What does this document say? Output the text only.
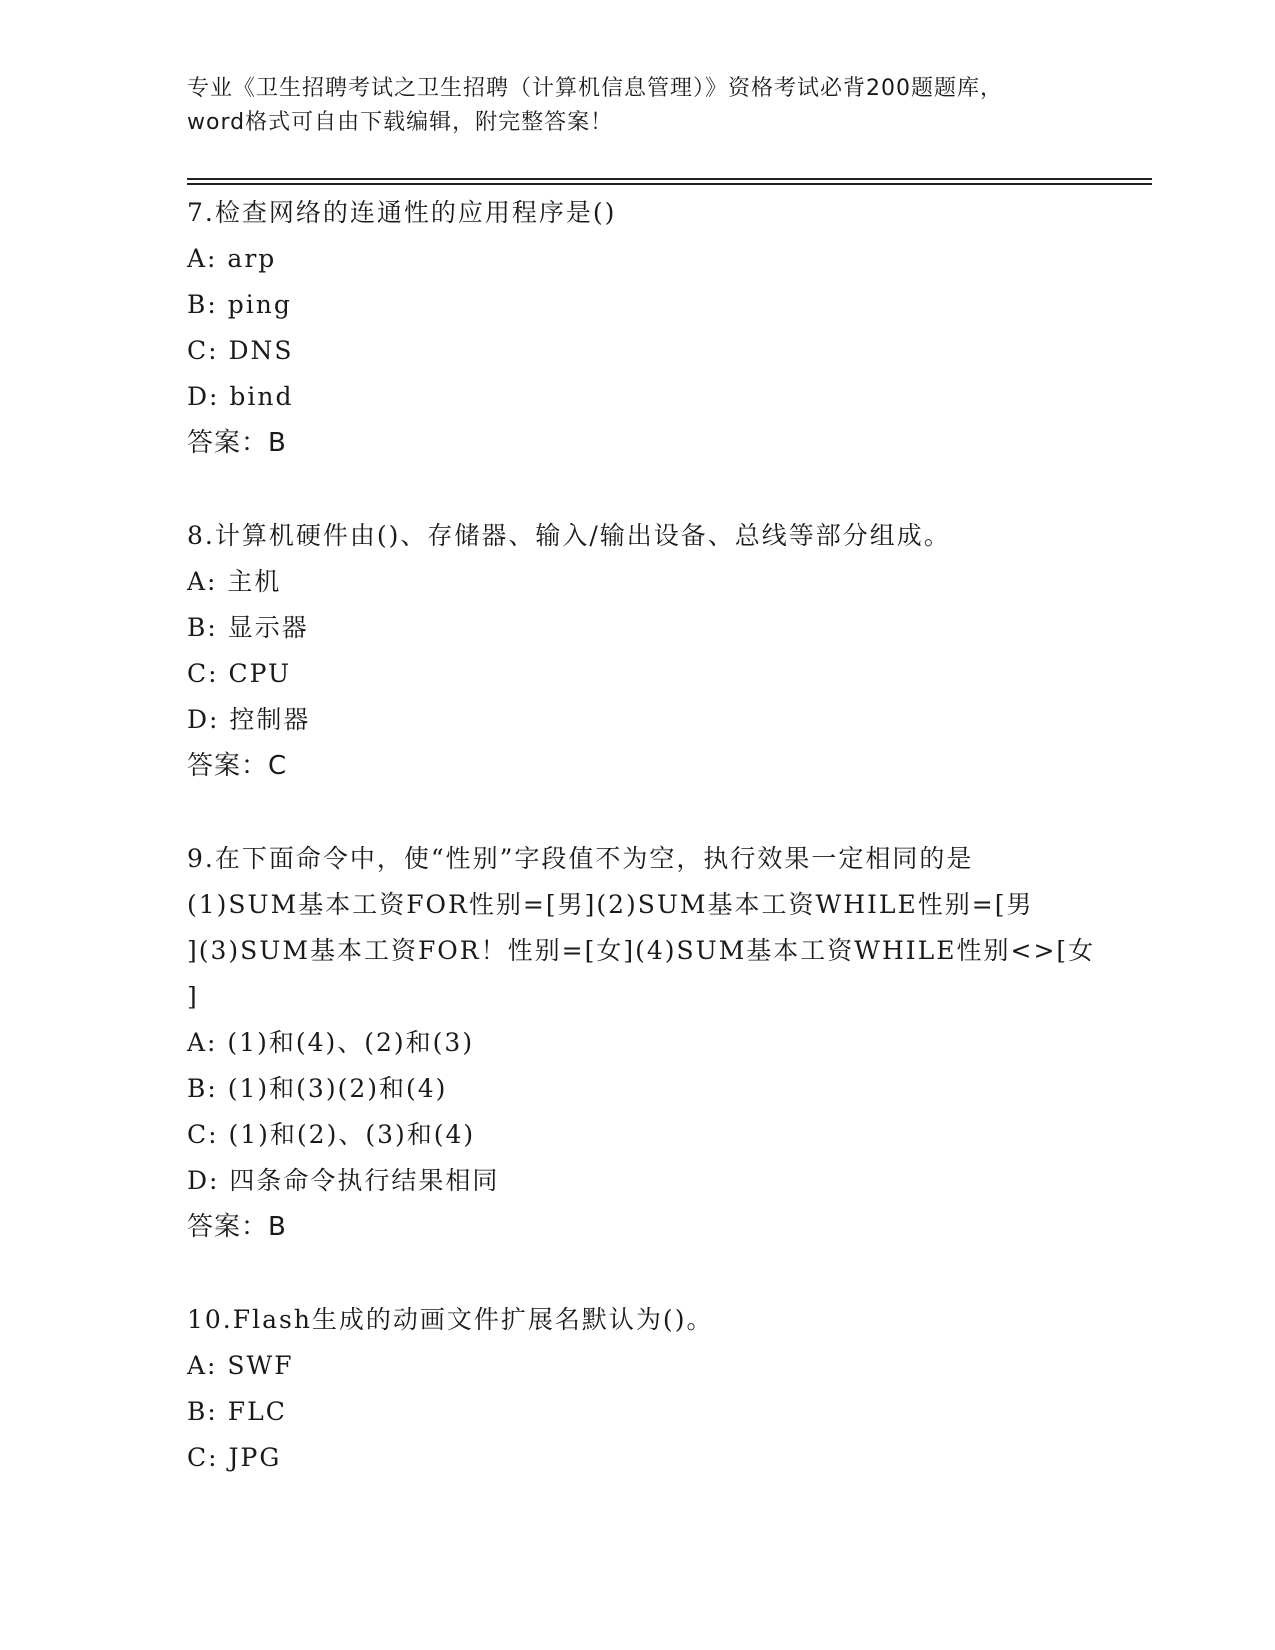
专业《卫生招聘考试之卫生招聘（计算机信息管理）》资格考试必背200题题库，
word格式可自由下载编辑，附完整答案！
7.检查网络的连通性的应用程序是()
A: arp
B: ping
C: DNS
D: bind
答案：B
8.计算机硬件由()、存储器、输入/输出设备、总线等部分组成。
A: 主机
B: 显示器
C: CPU
D: 控制器
答案：C
9.在下面命令中，使“性别”字段值不为空，执行效果一定相同的是
(1)SUM基本工资FOR性别=[男](2)SUM基本工资WHILE性别=[男
](3)SUM基本工资FOR！性别=[女](4)SUM基本工资WHILE性别<>[女
]
A: (1)和(4)、(2)和(3)
B: (1)和(3)(2)和(4)
C: (1)和(2)、(3)和(4)
D: 四条命令执行结果相同
答案：B
10.Flash生成的动画文件扩展名默认为()。
A: SWF
B: FLC
C: JPG
